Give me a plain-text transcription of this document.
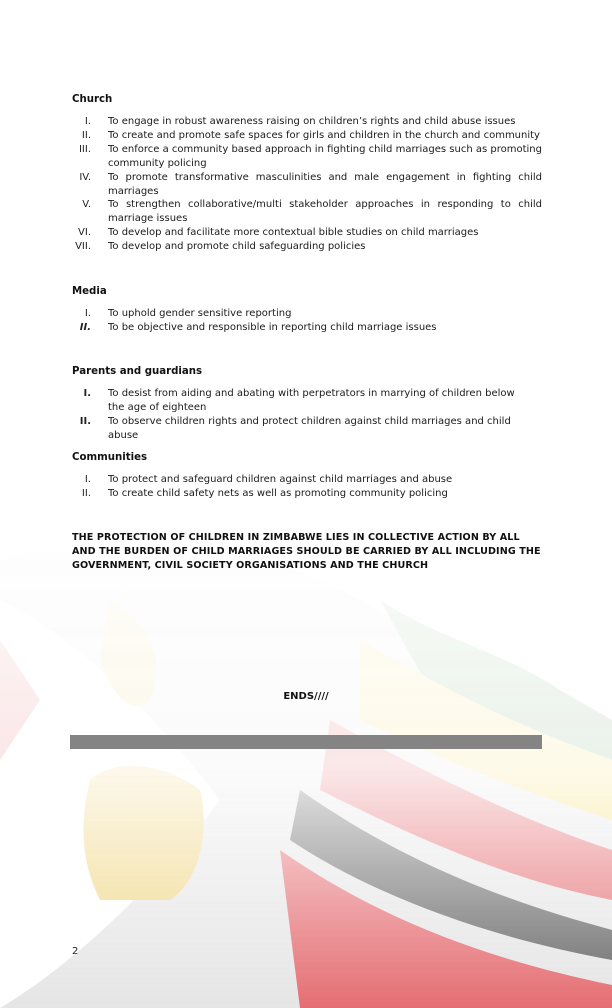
Church
I.	To engage in robust awareness raising on children’s rights and child abuse issues
II.	To create and promote safe spaces for girls and children in the church and community
III.	To enforce a community based approach in fighting child marriages such as promoting community policing
IV.	To promote transformative masculinities and male engagement in fighting child marriages
V.	To strengthen collaborative/multi stakeholder approaches in responding to child marriage issues
VI.	To develop and facilitate more contextual bible studies on child marriages
VII.	To develop and promote child safeguarding policies
Media
I.	To uphold gender sensitive reporting
II.	To be objective and responsible in reporting child marriage issues
Parents and guardians
I.	To desist from aiding and abating with perpetrators in marrying of children below the age of eighteen
II.	To observe children rights and protect children against child marriages and child abuse
Communities
I.	To protect and safeguard children against child marriages and abuse
II.	To create child safety nets as well as promoting community policing
THE PROTECTION OF CHILDREN IN ZIMBABWE LIES IN COLLECTIVE ACTION BY ALL AND THE BURDEN OF CHILD MARRIAGES SHOULD BE CARRIED BY ALL INCLUDING THE GOVERNMENT, CIVIL SOCIETY ORGANISATIONS AND THE CHURCH
ENDS////
2
